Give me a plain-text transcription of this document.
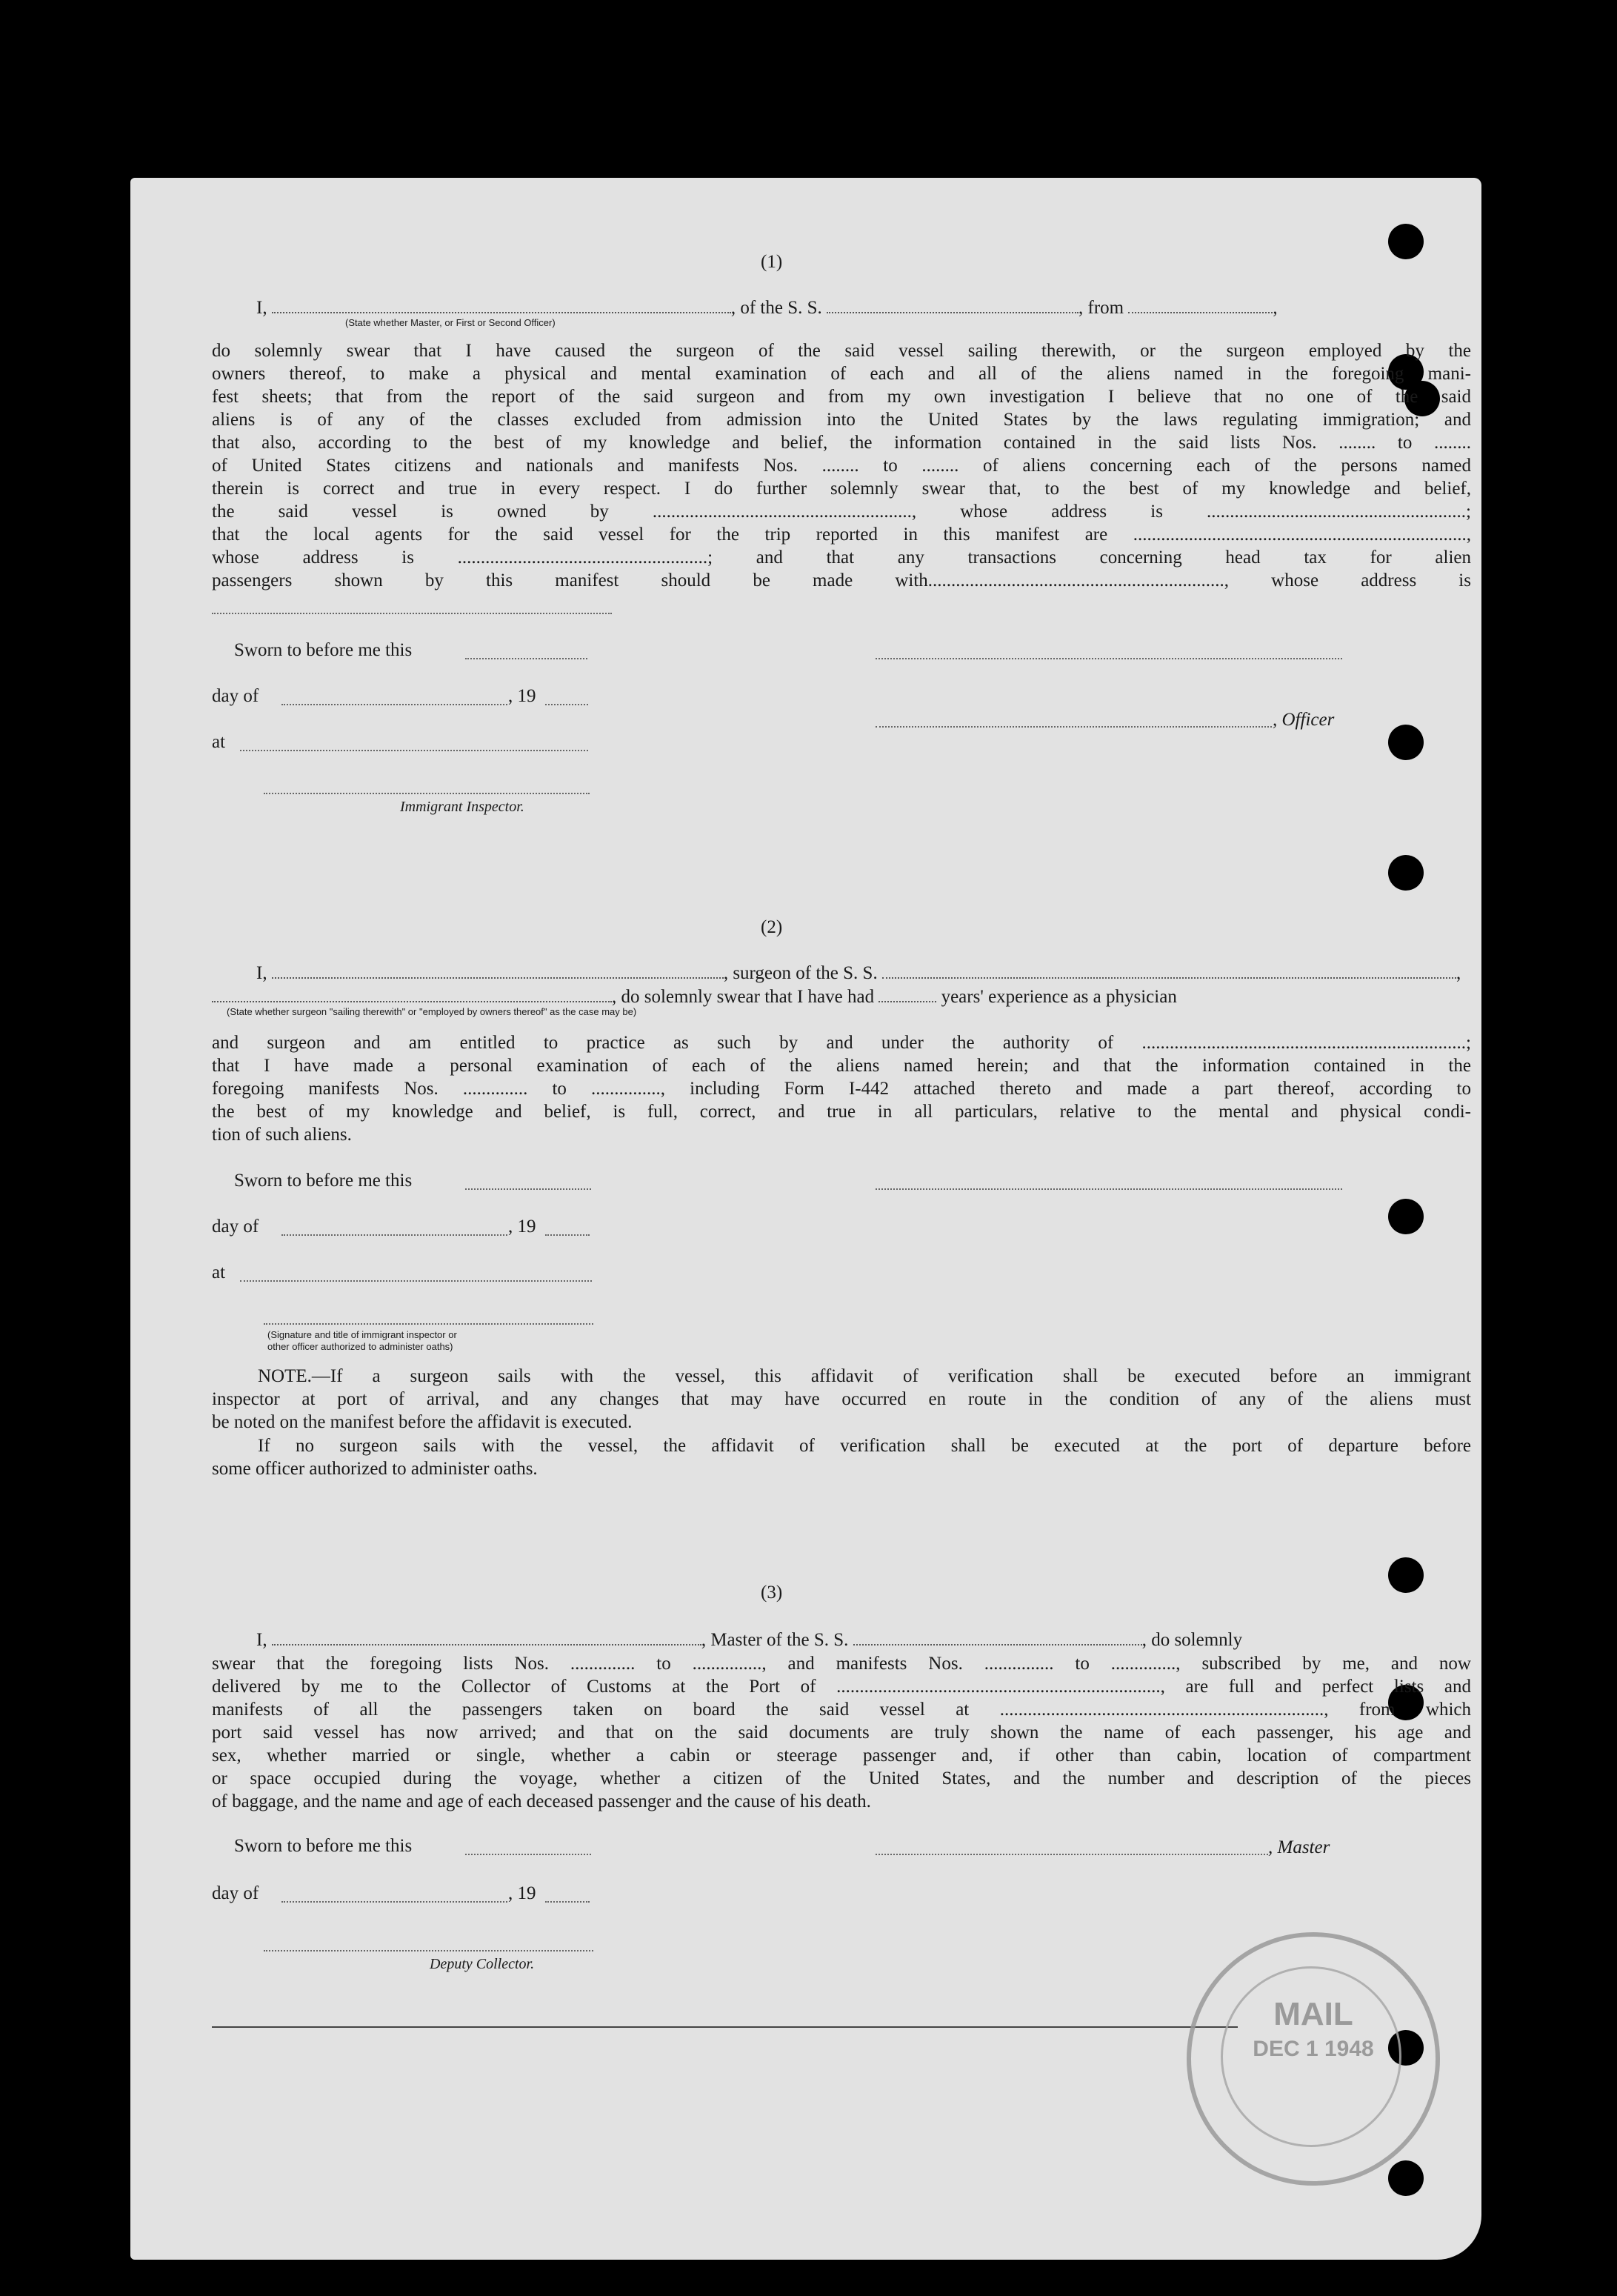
(1)
I,	, of the S. S.	, from	,
(State whether Master, or First or Second Officer)
do solemnly swear that I have caused the surgeon of the said vessel sailing therewith, or the surgeon employed by the
owners thereof, to make a physical and mental examination of each and all of the aliens named in the foregoing mani-
fest sheets; that from the report of the said surgeon and from my own investigation I believe that no one of the said
aliens is of any of the classes excluded from admission into the United States by the laws regulating immigration; and
that also, according to the best of my knowledge and belief, the information contained in the said lists Nos. ........ to ........
of United States citizens and nationals and manifests Nos. ........ to ........ of aliens concerning each of the persons named
therein is correct and true in every respect. I do further solemnly swear that, to the best of my knowledge and belief,
the said vessel is owned by ........................................................, whose address is ........................................................;
that the local agents for the said vessel for the trip reported in this manifest are ........................................................................,
whose address is ......................................................; and that any transactions concerning head tax for alien
passengers shown by this manifest should be made with................................................................, whose address is
Sworn to before me this
day of	, 19
, Officer
at
Immigrant Inspector.
(2)
I,	, surgeon of the S. S.	,
, do solemnly swear that I have had	years' experience as a physician
(State whether surgeon "sailing therewith" or "employed by owners thereof" as the case may be)
and surgeon and am entitled to practice as such by and under the authority of ......................................................................;
that I have made a personal examination of each of the aliens named herein; and that the information contained in the
foregoing manifests Nos. .............. to ..............., including Form I-442 attached thereto and made a part thereof, according to
the best of my knowledge and belief, is full, correct, and true in all particulars, relative to the mental and physical condi-
tion of such aliens.
Sworn to before me this
day of	, 19
at
(Signature and title of immigrant inspector or
other officer authorized to administer oaths)
NOTE.—If a surgeon sails with the vessel, this affidavit of verification shall be executed before an immigrant
inspector at port of arrival, and any changes that may have occurred en route in the condition of any of the aliens must
be noted on the manifest before the affidavit is executed.
If no surgeon sails with the vessel, the affidavit of verification shall be executed at the port of departure before
some officer authorized to administer oaths.
(3)
I,	, Master of the S. S.	, do solemnly
swear that the foregoing lists Nos. .............. to ..............., and manifests Nos. ............... to .............., subscribed by me, and now
delivered by me to the Collector of Customs at the Port of ......................................................................, are full and perfect lists and
manifests of all the passengers taken on board the said vessel at ......................................................................, from which
port said vessel has now arrived; and that on the said documents are truly shown the name of each passenger, his age and
sex, whether married or single, whether a cabin or steerage passenger and, if other than cabin, location of compartment
or space occupied during the voyage, whether a citizen of the United States, and the number and description of the pieces
of baggage, and the name and age of each deceased passenger and the cause of his death.
Sworn to before me this	, Master
day of	, 19
Deputy Collector.
MAIL
DEC 1 1948
